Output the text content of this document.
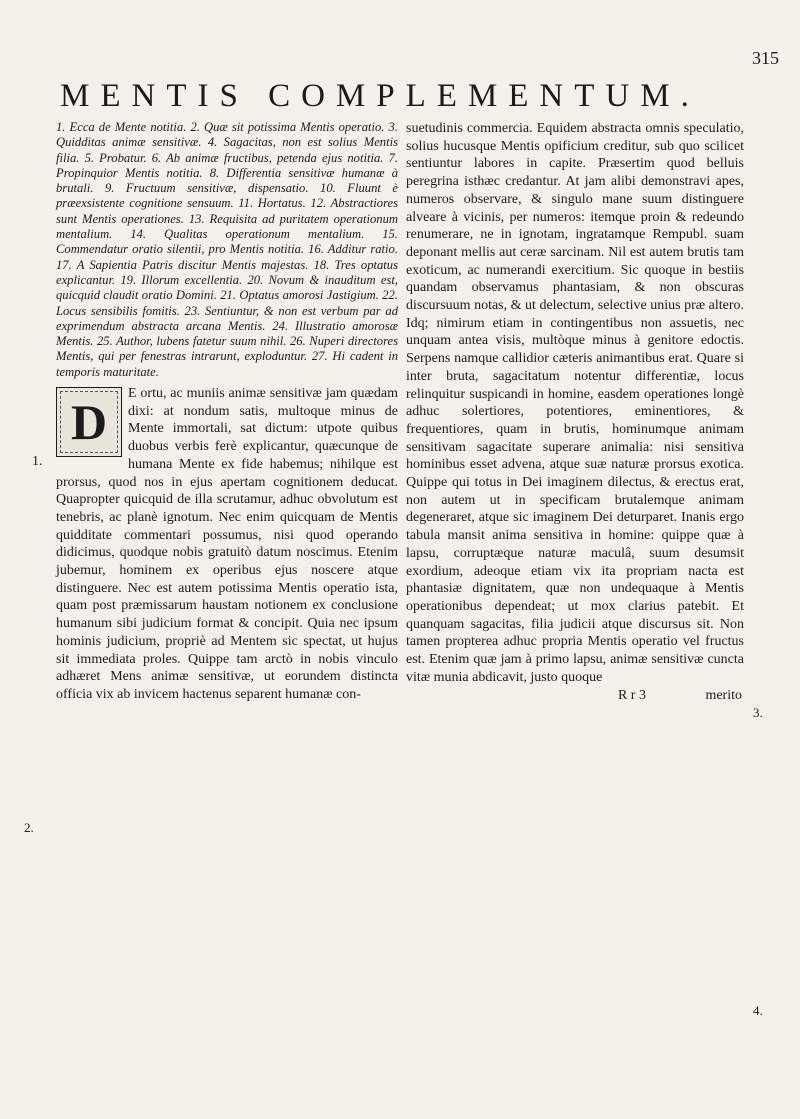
315
MENTIS COMPLEMENTUM.

1. Ecca de Mente notitia. 2. Quæ sit potissima Mentis operatio. 3. Quidditas animæ sensitivæ. 4. Sagacitas, non est solius Mentis filia. 5. Probatur. 6. Ab animæ fructibus, petenda ejus notitia. 7. Propinquior Mentis notitia. 8. Differentia sensitivæ humanæ à brutali. 9. Fructuum sensitivæ, dispensatio. 10. Fluunt è præexsistente cognitione sensuum. 11. Hortatus. 12. Abstractiores sunt Mentis operationes. 13. Requisita ad puritatem operationum mentalium. 14. Qualitas operationum mentalium. 15. Commendatur oratio silentii, pro Mentis notitia. 16. Additur ratio. 17. A Sapientia Patris discitur Mentis majestas. 18. Tres optatus explicantur. 19. Illorum excellentia. 20. Novum & inauditum est, quicquid claudit oratio Domini. 21. Optatus amorosi Jastigium. 22. Locus sensibilis fomitis. 23. Sentiuntur, & non est verbum par ad exprimendum abstracta arcana Mentis. 24. Illustratio amorosæ Mentis. 25. Author, lubens fatetur suum nihil. 26. Nuperi directores Mentis, qui per fenestras intrarunt, exploduntur. 27. Hi cadent in temporis maturitate.

D

E ortu, ac muniis animæ sensitivæ jam quædam dixi: at nondum satis, multoque minus de Mente immortali, sat dictum: utpote quibus duobus verbis ferè explicantur, quæcunque de humana Mente ex fide habemus; nihilque est prorsus, quod nos in ejus apertam cognitionem deducat. Quapropter quicquid de illa scrutamur, adhuc obvolutum est tenebris, ac planè ignotum. Nec enim quicquam de Mentis quidditate commentari possumus, nisi quod operando didicimus, quodque nobis gratuitò datum noscimus. Etenim jubemur, hominem ex operibus ejus noscere atque distinguere. Nec est autem potissima Mentis operatio ista, quam post præmissarum haustam notionem ex conclusione humanum sibi judicium format & concipit. Quia nec ipsum hominis judicium, propriè ad Mentem sic spectat, ut hujus sit immediata proles. Quippe tam arctò in nobis vinculo adhæret Mens animæ sensitivæ, ut eorundem distincta officia vix ab invicem hactenus separent humanæ con-

suetudinis commercia. Equidem abstracta omnis speculatio, solius hucusque Mentis opificium creditur, sub quo scilicet sentiuntur labores in capite. Præsertim quod belluis peregrina isthæc credantur. At jam alibi demonstravi apes, numeros observare, & singulo mane suum distinguere alveare à vicinis, per numeros: itemque proin & redeundo renumerare, ne in ignotam, ingratamque Rempubl. suam deponant mellis aut ceræ sarcinam. Nil est autem brutis tam exoticum, ac numerandi exercitium. Sic quoque in bestiis quandam observamus phantasiam, & non obscuras discursuum notas, & ut delectum, selective unius præ altero. Idq; nimirum etiam in contingentibus non assuetis, nec unquam antea visis, multòque minus à genitore edoctis. Serpens namque callidior cæteris animantibus erat. Quare si inter bruta, sagacitatum notentur differentiæ, locus relinquitur suspicandi in homine, easdem operationes longè adhuc solertiores, potentiores, eminentiores, & frequentiores, quam in brutis, hominumque animam sensitivam sagacitate superare animalia: nisi sensitiva hominibus esset advena, atque suæ naturæ prorsus exotica. Quippe qui totus in Dei imaginem dilectus, & erectus erat, non autem ut in specificam brutalemque animam degeneraret, atque sic imaginem Dei deturparet. Inanis ergo tabula mansit anima sensitiva in homine: quippe quæ à lapsu, corruptæque naturæ maculâ, suum desumsit exordium, adeoque etiam vix ita propriam nacta est phantasiæ dignitatem, quæ non undequaque à Mentis operationibus dependeat; ut mox clarius patebit. Et quanquam sagacitas, filia judicii atque discursus sit. Non tamen propterea adhuc propria Mentis operatio vel fructus est. Etenim quæ jam à primo lapsu, animæ sensitivæ cuncta vitæ munia abdicavit, justo quoque

R r 3	merito

1.
2.
3.
4.
